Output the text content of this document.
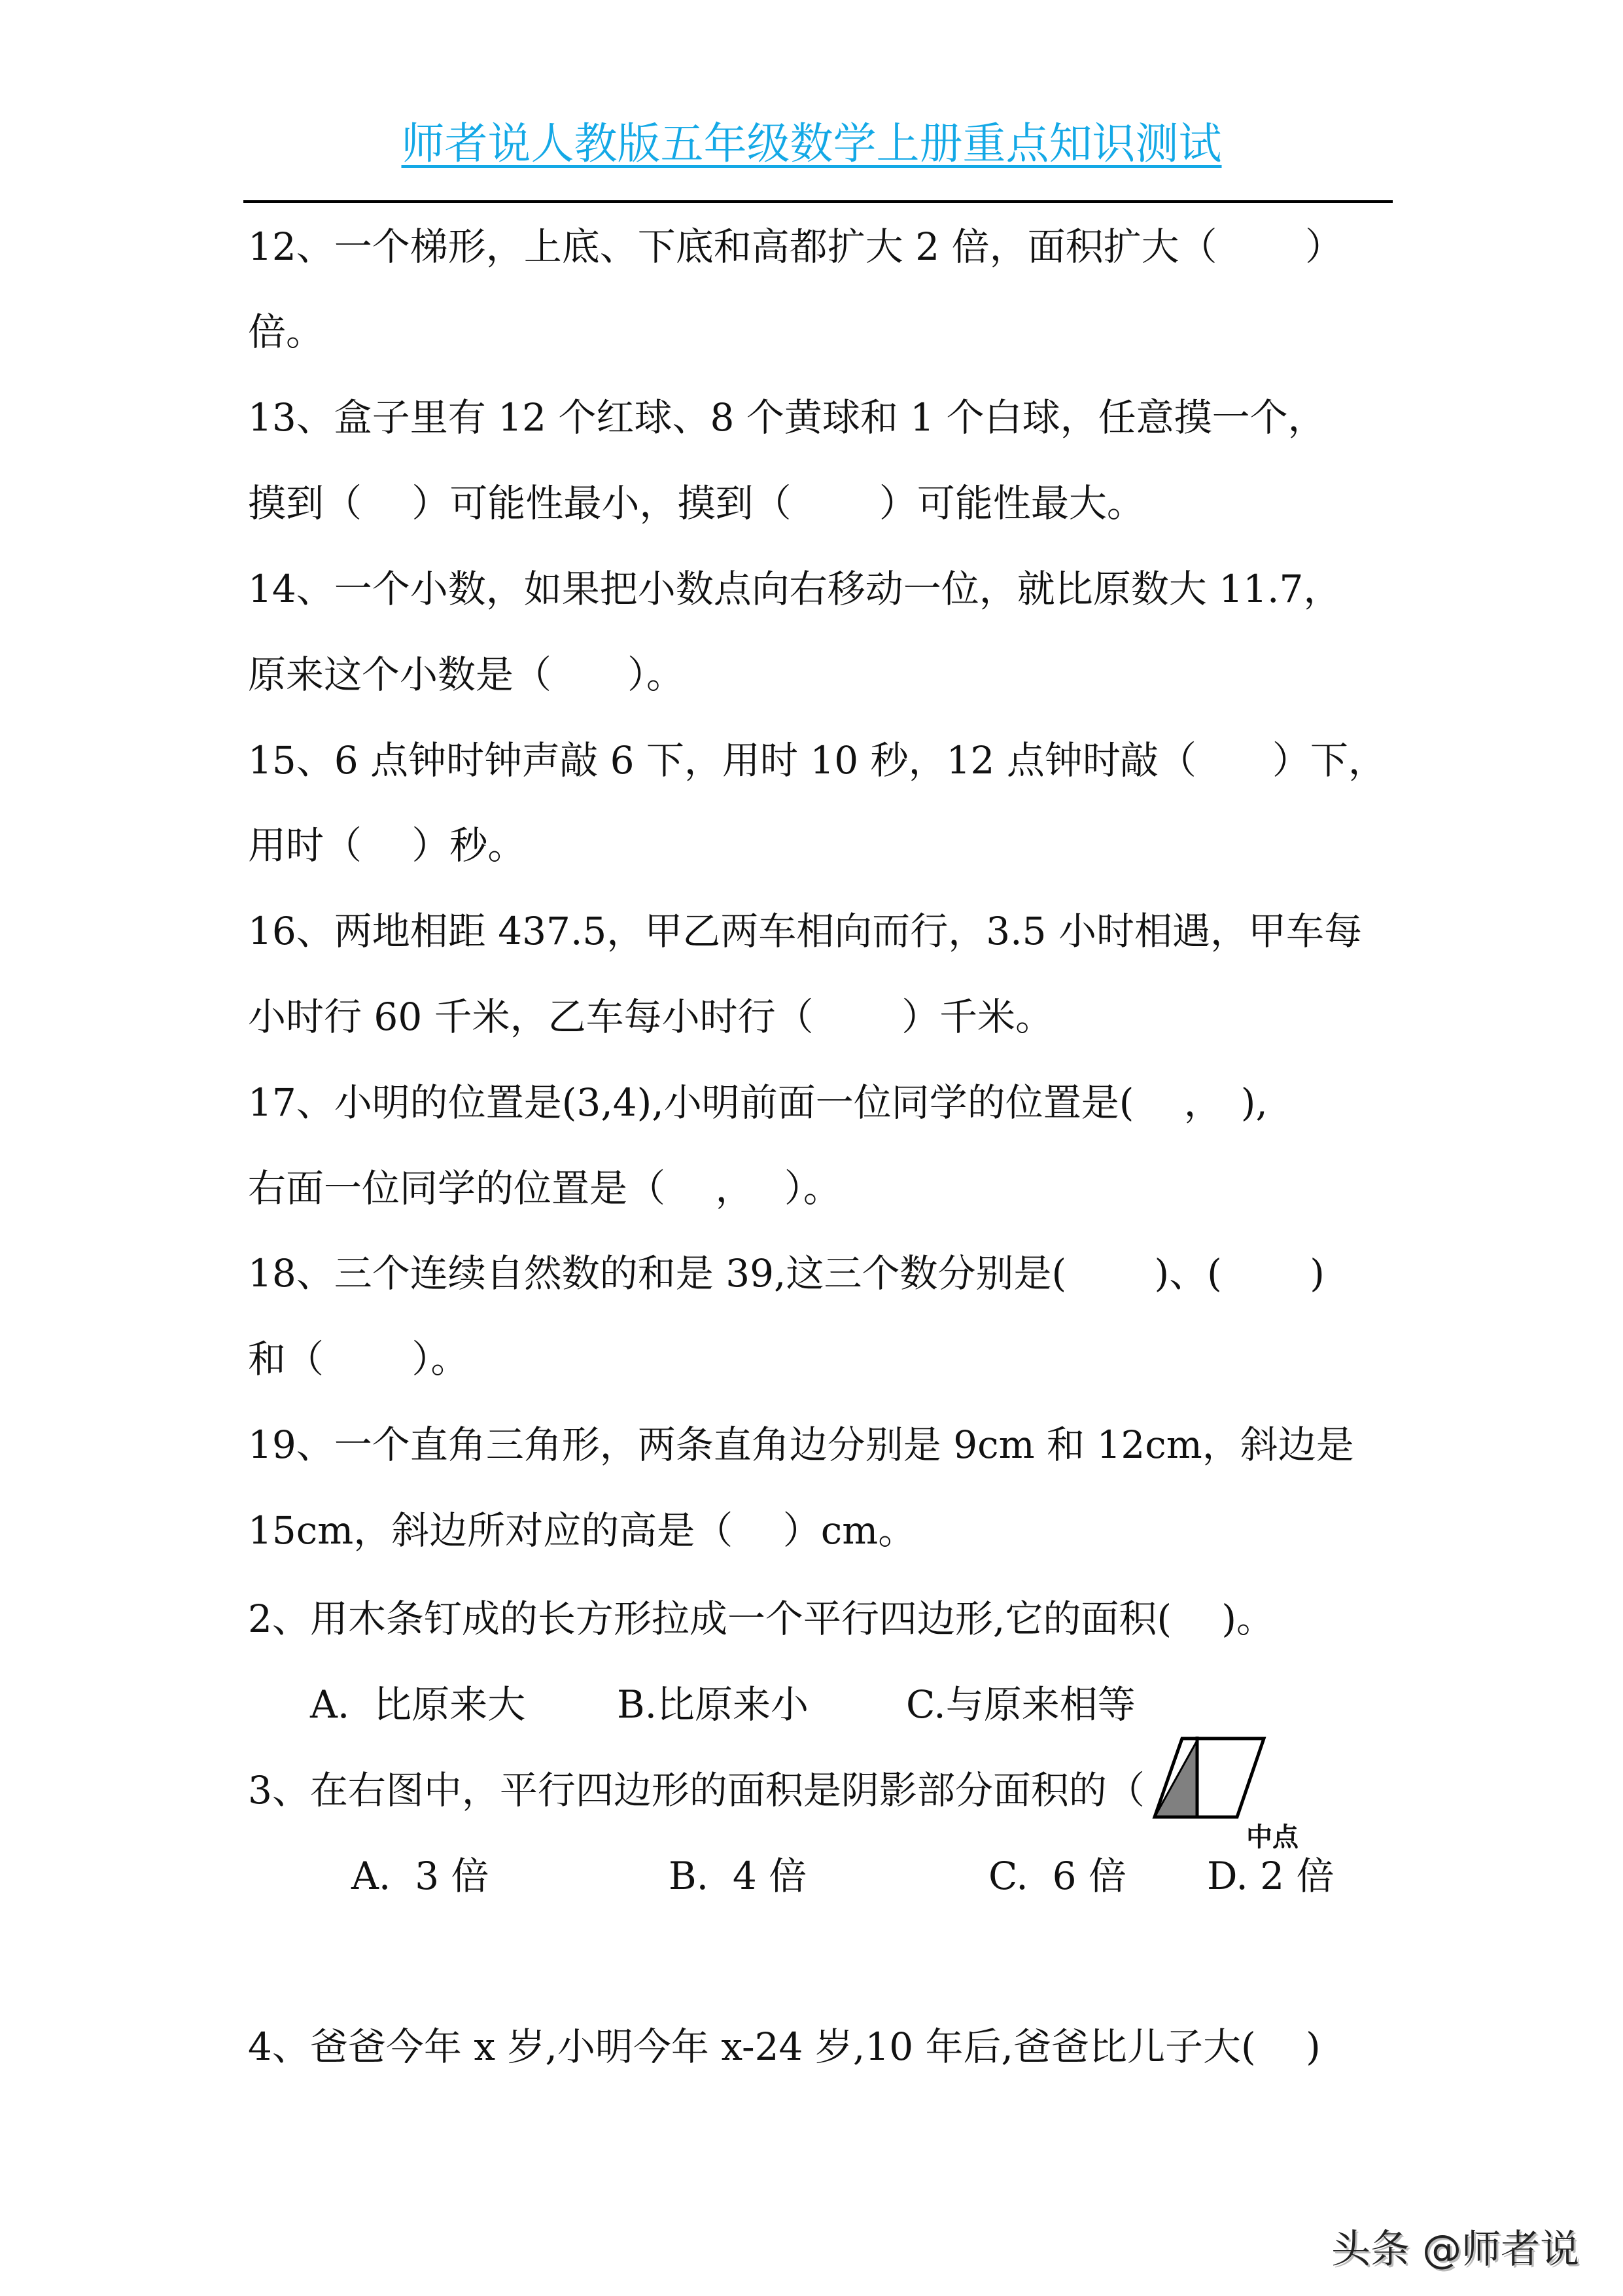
师者说人教版五年级数学上册重点知识测试
12、一个梯形，上底、下底和高都扩大 2 倍，面积扩大（　　 ）
倍。
13、盒子里有 12 个红球、8 个黄球和 1 个白球，任意摸一个，
摸到（　 ）可能性最小，摸到（　　 ）可能性最大。
14、一个小数，如果把小数点向右移动一位，就比原数大 11.7，
原来这个小数是（　　）。
15、6 点钟时钟声敲 6 下，用时 10 秒，12 点钟时敲（　　）下，
用时（　 ）秒。
16、两地相距 437.5，甲乙两车相向而行，3.5 小时相遇，甲车每
小时行 60 千米，乙车每小时行（　　 ）千米。
17、小明的位置是(3,4),小明前面一位同学的位置是(　 ，　),
右面一位同学的位置是（　 ，　 ）。
18、三个连续自然数的和是 39,这三个数分别是(　　 )、(　　 )
和（　　 ）。
19、一个直角三角形，两条直角边分别是 9cm 和 12cm，斜边是
15cm，斜边所对应的高是（　 ）cm。
2、用木条钉成的长方形拉成一个平行四边形,它的面积(　 )。
A.  比原来大 B.比原来小	C.与原来相等
3、在右图中，平行四边形的面积是阴影部分面积的（
A.  3 倍	B.  4 倍	C.  6 倍 D. 2 倍
中点
4、爸爸今年 x 岁,小明今年 x-24 岁,10 年后,爸爸比儿子大(　 )
头条 @师者说
